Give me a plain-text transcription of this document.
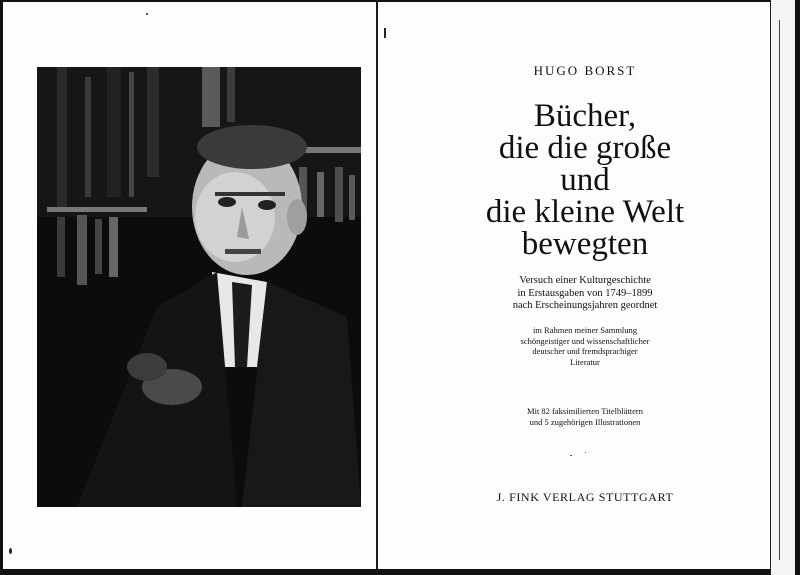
HUGO BORST
Bücher,
die die große
und
die kleine Welt
bewegten
Versuch einer Kulturgeschichte
in Erstausgaben von 1749–1899
nach Erscheinungsjahren geordnet
im Rahmen meiner Sammlung
schöngeistiger und wissenschaftlicher
deutscher und fremdsprachiger
Literatur
Mit 82 faksimilierten Titelblättern
und 5 zugehörigen Illustrationen
J. FINK VERLAG STUTTGART
